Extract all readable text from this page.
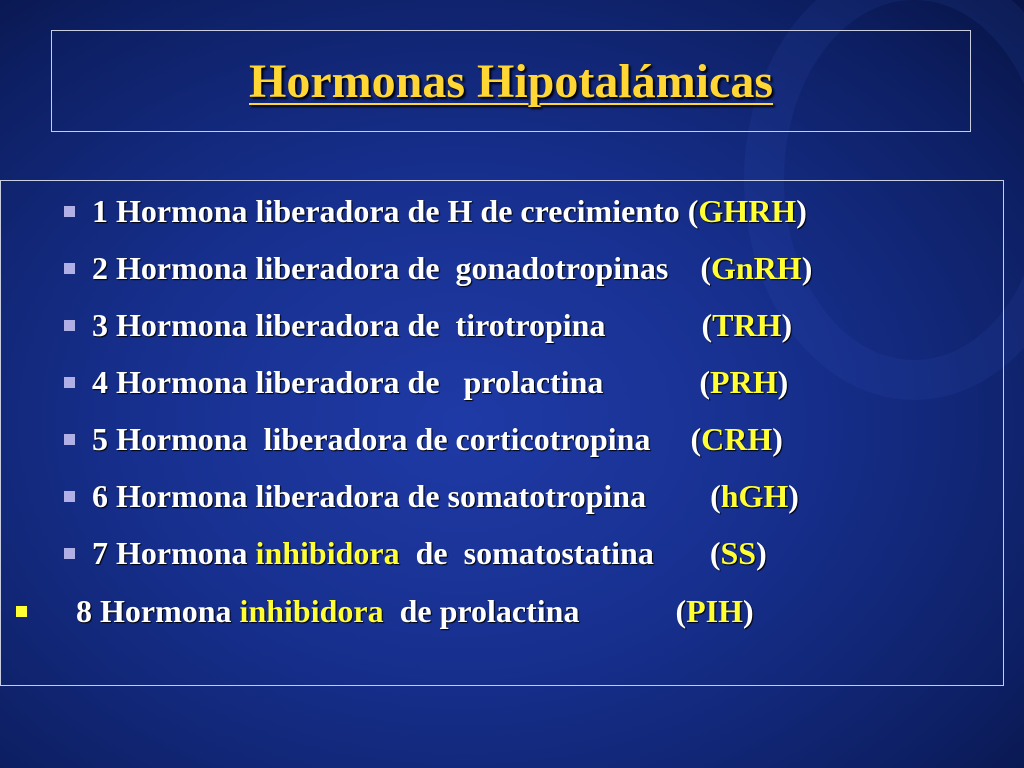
Hormonas Hipotalámicas
1 Hormona liberadora de H de crecimiento ( GHRH )
2 Hormona liberadora de  gonadotropinas ( GnRH )
3 Hormona liberadora de  tirotropina ( TRH )
4 Hormona liberadora de   prolactina ( PRH )
5 Hormona  liberadora de corticotropina ( CRH )
6 Hormona liberadora de somatotropina ( hGH )
7 Hormona inhibidora de  somatostatina ( SS )
8 Hormona inhibidora de prolactina ( PIH )
